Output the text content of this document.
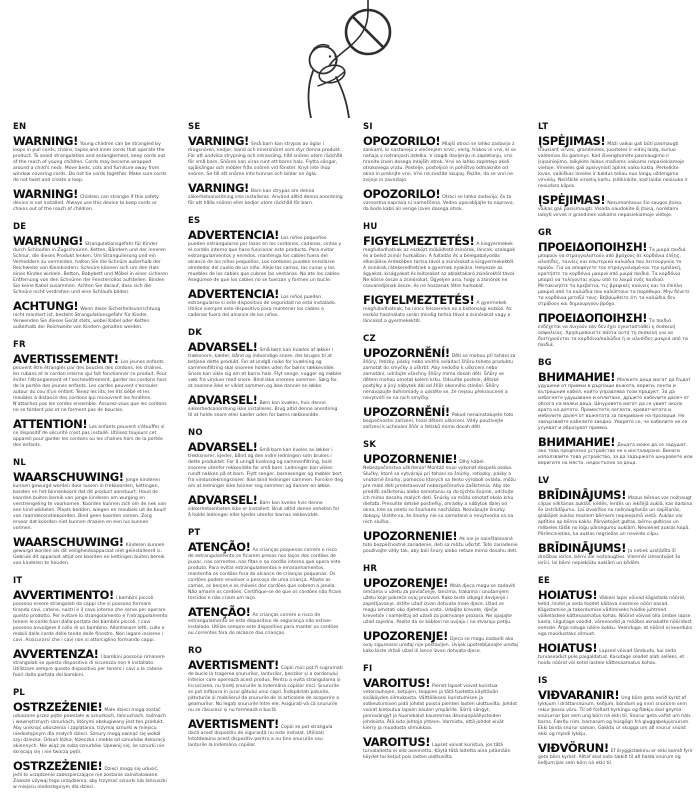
EN

WARNING! Young children can be strangled by loops in pull cords, chains, tapes and inner cords that operate the product. To avoid strangulation and entanglement, keep cords out of the reach of young children. Cords may become wrapped around a child's neck. Move beds, cots and furniture away from window covering cords. Do not tie cords together. Make sure cords do not twist and create a loop.

WARNING! Children can strangle if this safety device is not installed. Always use this device to keep cords or chains out of the reach of children.

DE

WARNUNG! Strangulationsgefahr für Kinder durch Schlaufen in Zugschnüren, Ketten, Bändern und der inneren Schnur, die dieses Produkt lenken. Um Strangulierung und ein Verheddern zu vermeiden, halten Sie die Schnüre außerhalb der Reichweite von Kleinkindern. Schnüre können sich um den Hals eines Kindes wickeln. Betten, Babybett und Möbel in einer sicheren Entfernung von den Schnüren der Fensterrollos aufstellen. Binden Sie keine Kabel zusammen. Achten Sie darauf, dass sich die Schnüre nicht verdrehen und eine Schlaufe bilden.

ACHTUNG! Wenn diese Sicherheitsvorrichtung nicht montiert ist, besteht Strangulationsgefahr für Kinder. Verwenden Sie dieses Gerät stets, wobei Kabel oder Ketten außerhalb der Reichweite von Kindern gehalten werden.

FR

AVERTISSEMENT! Les jeunes enfants peuvent être étranglés par des boucles des cordons, les chaînes, les rubans et le cordon interne qui fait fonctionner ce produit. Pour éviter l'étranglement et l'enchevêtrement, garder les cordons hors de la portée des jeunes enfants. Les cordes peuvent s'enrouler autour du cou d'un enfant. Tenez les lits, les lits bébé et les meubles à distance des cordons qui recouvrent les fenêtres. N'attachez pas les cordes ensemble. Assurez-vous que les cordons ne se tordent pas et ne forment pas de boucles.

ATTENTION! Les enfants peuvent s'étouffer si ce dispositif de sécurité n'est pas installé. Utilisez toujours cet appareil pour garder les cordons ou les chaînes hors de la portée des enfants.

NL

WAARSCHUWING! Jonge kinderen kunnen gewurgd worden door lussen in trekkoorden, kettingen, banden en het binnenkoord dat dit product aanstuurt. Houd de koorden buiten bereik van jonge kinderen om wurging en verstrengeling te voorkomen. Koorden kunnen zich om de nek van een kind wikkelen. Plaats bedden, wiegen en meubels uit de buurt van raamdecoratiekoorden. Bind geen koorden samen. Zorg ervoor dat koorden niet kunnen draaien en een lus kunnen vormen.

WAARSCHUWING! Kinderen kunnen gewurgd worden als dit veiligheidsapparaat niet geïnstalleerd is. Gebruik dit apparaat altijd om koorden en kettingen buiten bereik van kinderen te houden.

IT

AVVERTIMENTO! I bambini piccoli possono essere strangolati da cappi che si possono formare tirando cavi, catene, nastri e il cavo interno che serve per operare questo prodotto. Per evitare lo strangolamento e l'intrappolamento tenere le corde fuori dalla portata dei bambini piccoli. I cavi possono avvolgere il collo di un bambino. Allontanare letti, culle e mobili dalle corde delle tende delle finestre. Non legare insieme i cavi. Assicurarsi che i cavi non si attorciglino formando cappi.

AVVERTENZA! I bambini possono rimanere strangolati se questo dispositivo di sicurezza non è installato. Utilizzare sempre questo dispositivo per tenere i cavi o le catene fuori dalla portata dei bambini.

PL

OSTRZEŻENIE! Małe dzieci mogą zostać uduszone przez pętle powstałe w sznurkach, łańcuchach, taśmach i wewnętrznych sznurkach, którymi obsługiwany jest ten produkt. Aby uniknąć uduszenia i zaplątania, trzymaj sznurki w miejscu niedostępnym dla małych dzieci. Sznury mogą owinąć się wokół szyi dziecka. Odsuń łóżka, łóżeczka i meble od sznurków dekoracji okiennych. Nie wiąż ze sobą sznurków. Upewnij się, że sznurki nie skręcają się i nie tworzą pętli.

OSTRZEŻENIE! Dzieci mogą się udusić, jeśli to urządzenie zabezpieczające nie zostanie zainstalowane. Zawsze używaj tego urządzenia, aby trzymać sznurki lub łańcuszki w miejscu niedostępnym dla dzieci.

SE

VARNING! Små barn kan strypas av öglor i dragsnören, kedjor, band och innersnöret som styr denna produkt. För att undvika strypning och intrassling, håll snören utom räckhåll för små barn. Snören kan viras runt ett barns hals. Flytta sängar, spjälsängar och möbler från snören vid fönster. Knyt inte ihop snören. Se till att snören inte tvinnas och bildar en ögla.

VARNING! Barn kan strypas om denna säkerhetsanordning inte installeras. Använd alltid denna anordning för att hålla snören eller kedjor utom räckhåll för barn.

ES

ADVERTENCIA! Los niños pequeños pueden estrangularse por lazos en los cordones, cadenas, cintas y el cordón interno que hace funcionar este producto. Para evitar estrangulamientos y enredos, mantenga los cables fuera del alcance de los niños pequeños. Los cordones pueden enrollarse alrededor del cuello de un niño. Aleje las camas, las cunas y los muebles de los cables que cubren las ventanas. No ate los cables. Asegúrese de que los cables no se tuerzan y formen un bucle.

ADVERTENCIA! Los niños pueden estrangularse si este dispositivo de seguridad no está instalado. Utilice siempre este dispositivo para mantener los cables o cadenas fuera del alcance de los niños.

DK

ADVARSEL! Små børn kan kvæles af løkker i træksnore, kæder, bånd og indvendige snore, der bruges til at betjene dette produkt. For at undgå risiko for kvælning og sammenfiltring skal snorene holdes uden for børns rækkevidde. Snore kan vikle sig om et barns hals. Flyt senge, vugger og møbler væk fra vinduer med snore. Bind ikke snorene sammen. Sørg for, at snorene ikke er viklet sammen og ikke danner en løkke.

ADVARSEL! Børn kan kvæles, hvis denne sikkerhedsanordning ikke installeres. Brug altid denne anordning til at holde snore eller kæder uden for børns rækkevidde.

NO

ADVARSEL! Små barn kan kveles av løkker i trekksnorer, kjeder, bånd og den indre ledningen som brukes i dette produktet. For å unngå kvelning og sammenfiltring, hold snorene utenfor rekkevidde for små barn. Ledninger kan vikles rundt nakken på et barn. Flytt senger, barnesenger og møbler bort fra vindusdekningsnorer. Ikke bind ledninger sammen. Forsikre deg om at ledninger ikke tvinner seg sammen og danner en løkke.

ADVARSEL! Barn kan kveles hvis denne sikkerhetsenheten ikke er installert. Bruk alltid denne enheten for å holde ledninger eller kjeder utenfor barnas rekkevidde.

PT

ATENÇÃO! As crianças pequenas correm o risco de estrangulamento se ficarem presas nos laços dos cordões de puxar, nas correntes, nas fitas e no cordão interno que opera este produto. Para evitar estrangulamentos e emaranhamentos, mantenha os cordões fora do alcance de crianças pequenas. Os cordões podem envolver o pescoço de uma criança. Afaste as camas, os berços e os móveis dos cordões que cobrem a janela. Não amarre os cordões. Certifique-se de que os cordões não ficam torcidos e não criam um laço.

ATENÇÃO! As crianças correm o risco de estrangulamento se este dispositivo de segurança não estiver instalado. Utilize sempre este dispositivo para manter os cordões ou correntes fora do alcance das crianças.

RO

AVERTISMENT! Copiii mici pot fi sugrumați de bucle la tragerea șnururilor, lanțurilor, benzilor și a cordonului interior care operează acest produs. Pentru a evita strangularea și încurcarea, nu țineți șnururile la îndemâna copiilor mici. Șnururile se pot înfășura în jurul gâtului unui copil. Îndepărtați paturile, pătuțurile și mobilierul de șnururile de la articolele de acoperire a geamurilor. Nu legați șnururile între ele. Asigurați-vă că șnururile nu se răsucesc și nu formează o buclă.

AVERTISMENT! Copiii se pot strangula dacă acest dispozitiv de siguranță nu este instalat. Utilizați întotdeauna acest dispozitiv pentru a nu ține șnururile sau lanțurile la îndemâna copiilor.

SI

OPOZORILO! Mlajši otroci se lahko zadavijo z zankami, ki nastanejo z vlečenjem vrvic, verig, trakov in vrvi, ki se nahaja v notranjosti izdelka. V izogib davljenju in zapletanju, vrvi hranite izven dosega mlajših otrok. Vrvi se lahko zapletejo okoli otrokovega vratu. Postelje, posteljice in pohištvo odmaknite od okna in prekrijte vrvi. Vrvi ne zvežite skupaj. Pazite, da se vrvi ne zvijejo in zavozlajo.

OPOZORILO! Otroci se lahko zadavijo, če ta varnostna naprava ni nameščena. Vedno uporabljajte to napravo, da bodo kabli ali verige izven dosega otrok.

HU

FIGYELMEZTETÉS! A kisgyermekek megfulladhatnak az eszközt működtető zsinórok, láncok, szalagok és a belső zsinór hurkaiban. A fulladás és a belegabalyodás elkerülése érdekében tartsa távol a zsinórokat a kisgyermekektől. A zsinórok rátekeredhetnek a gyermek nyakára. Helyezze az ágyakat, kiságyakat és bútorokat az ablaktakaró zsinóroktól távol. Ne kösse össze a zsinórokat. Ügyeljen arra, hogy a zsinórok ne csavarodjanak össze, és ne hozzanak létre hurkokat.

FIGYELMEZTETÉS! A gyermekek megfulladhatnak, ha nincs felszerelve ez a biztonsági eszköz. Az eszköz használata során mindig tartsa távol a zsinórokat vagy a láncokat a gyermekektől.

CZ

UPOZORNĚNÍ! Děti se mohou při tahání za šňůry, řetízky, pásky nebo vnitřní ovládací šňůru tohoto produktu zamotat do smyčky a uškrtit. Aby nedošlo k uškrcení nebo zamotání, udržujte všechny šňůry mimo dosah dětí. Šňůry se dětem mohou omotat kolem krku. Odsuňte postele, dětské postýlky a jiný nábytek dál od šňůr okenního stínění. Šňůry nenavazujte dohromady a ujistěte se, že nejsou překroucené a nevytvoří se na nich smyčky.

UPOZORNĚNÍ! Pokud nenainstalujete toto bezpečnostní zařízení, hrozí dětem uškrcení. Vždy používejte zařízení k uchování šňůr a řetízků mimo dosah dětí.

SK

UPOZORNENIE! Dlhý kábel. Nebezpečenstvo uškrtenia! Montáž musí vykonať dospelá osoba. Slučky, ktoré sa vytvárajú pri ťahaní za šnúrky, retiazky, pásky a vnútorné šnúrky, pomocou ktorých sa tento výrobok ovláda, môžu pre malé deti predstavovať nebezpečenstvo zaškrtenia. Aby ste predišli zaškrteniu alebo zamotaniu sa do týchto šnúrok, udržujte ich mimo dosahu malých detí. Šnúrky sa môžu omotať okolo krku dieťaťa. Presuňte detské postieľky, ohrádky a nábytok ďalej od okna, kde sa roleta so šnúrkami nachádza. Nezväzujte šnúrky dokopy. Uistite sa, že šnúrky nie sú zamotané a nevytvorila sa na nich slučka.

UPOZORNENIE! Ak nie je nainštalované toto bezpečnostné zariadenie, deti sa môžu uškrtiť. Toto zariadenie používajte vždy tak, aby boli šnúry alebo reťaze mimo dosahu detí.

HR

UPOZORENJE! Mala djeca mogu se zadaviti omčama u užetu za povlačenje, lancima, trakama i unutarnjem užetu koje pokreće ovaj proizvod. Kako biste izbjegli davljenje i zapetljavanje, držite užad izvan dohvata male djece. Užad se mogu omotati oko djetetova vrata. Udaljite krevete, dječje krevetiće i namještaj od užadi za pokrivanje prozora. Ne spajajte užad zajedno. Pazite da se kablovi ne uvijaju i ne stvaraju petlju.

UPOZORENJE! Djeca se mogu zadaviti ako ovaj sigurnosni uređaj nije postavljen. Uvijek upotrebljavajte uređaj kako biste držali užad ili lance izvan dohvata djece.

FI

VAROITUS! Pienet lapset voivat kuristua vetonauhojen, ketjujen, teippien ja tätä tuotetta käyttävän sisäköyden silmukoista. Välttääksesi kuristumisen ja sotkeutumisen pidä johdot poissa pienten lasten ulottuvilta. Johdot voivat kietoutua lapsen kaulan ympärille. Siirrä sängyt, pinnasängyt ja huonekalut kauemmas ikkunanpäällysteiden johdoista. Älä sido johtoja yhteen. Varmista, että johdot eivät kierry ja muodosta silmukkaa.

VAROITUS! Lapset voivat kuristua, jos tätä turvalaitetta ei olla asennettu. Käytä tätä laitetta aina pitämään köydet tai ketjut pois lasten ulottuvilta.

LT

ĮSPĖJIMAS! Maži vaikai gali būti pasmaugti traukiant virves, grandinėles, juosteles ir vidinį laidą, kuriuo valdomas šis gaminys. Kad išvengtumėte pasmaugimo ir įsipainiojimo, laikykite laidus mažiems vaikams nepasiekiamoje vietoje. Virvelės gali apsivynioti aplink vaiko kaklą. Perkelkite lovas, vaikiškas loveles ir baldus toliau nuo langų uždengimo virvelių. Neriškite virvelių kartu. Įsitikinkite, kad laidai nesisuka ir nesudaro kilpos.

ĮSPĖJIMAS! Nesumontavus šio saugos įtaiso, vaikas gali pasismaugti. Visada naudokite šį įtaisą, norėdami laikyti virves ir grandines vaikams nepasiekiamoje vietoje.

GR

ΠΡΟΕΙΔΟΠΟΙΗΣΗ! Τα μικρά παιδιά μπορούν να στραγγαλιστούν από βρόχους σε κορδόνια έλξης, αλυσίδες, ταινίες και εσωτερικά καλώδια που λειτουργούν το προϊόν. Για να αποφύγετε τον στραγγαλισμό και την εμπλοκή, κρατήστε τα κορδόνια μακριά από μικρά παιδιά. Τα κορδόνια μπορεί να τυλίγονται γύρω από το λαιμό ενός παιδιού. Μετακινήστε τα κρεβάτια, τις βρεφικές κούνιες και τα έπιπλα μακριά από τα καλώδια που καλύπτουν τα παράθυρα. Μην δένετε τα κορδόνια μεταξύ τους. Βεβαιωθείτε ότι τα καλώδια δεν στρίβουν και δημιουργούν βρόχο.

ΠΡΟΕΙΔΟΠΟΙΗΣΗ! Τα παιδιά ενδέχεται να πνιγούν εάν δεν έχει εγκατασταθεί η συσκευή ασφαλείας. Χρησιμοποιείτε πάντα αυτή τη συσκευή για να διατηρούνται τα κορδόνια/καλώδια ή οι αλυσίδες μακριά από τα παιδιά.

BG

ВНИМАНИЕ! Малките деца могат да бъдат удушени от примки в дърпащи въжета, вериги, ленти и вътрешния кабел, който управлява този продукт. За да избегнете удушаване и оплитане, дръжте кабелите далеч от обсега на малки деца. Шнуровете могат да се увият около врата на детето. Преместете леглата, креватчетата и мебелите далеч от въжетата за покриване на прозорци. Не завързвайте кабелите заедно. Уверете се, че кабелите не се усукват и образуват примка.

ВНИМАНИЕ! Децата може да се задушат, ако това предпазно устройство не е инсталирано. Винаги използвайте това устройство, за да задържате шнуровете или веригите на място, недостъпно за деца.

LV

BRĪDINĀJUMS! Mazus bērnus var nožņaugt cilpas vilkšanas auklās, ķēdēs, lentēs un iekšējā auklā, kas darbina šo izstrādājumu. Lai izvairītos no nožņaugšanās un sapīšanās, glabājiet auklas maziem bērniem nepieejamā vietā. Auklas var aptīties ap bērna kaklu. Pārvietojiet gultas, bērnu gultiņas un mēbeles tālāk no logu pārsegumu auklām. Nesieniet auklas kopā. Pārliecinieties, ka auklas negriežas un neveido cilpu.

BRĪDINĀJUMS! Ja netiek uzstādīta šī drošības ierīce, bērni var nožņaugties. Vienmēr izmantojiet šo ierīci, lai bērni nepiekļūtu auklām un ķēdēm.

EE

HOIATUS! Väikesi lapsi võivad kägistada nöörid, ketid, lindid ja seda toodet käitava sisemise nööri aasad. Kägistamise ja takerdumise vältimiseks hoidke juhtmed väikelastele kättesaamatus kohas. Nöörid võivad olla ümber lapse kaela. Liigutage voodid, võrevoodid ja mööbel aknakatte nööridest eemale. Ärge siduge nööre kokku. Veenduge, et nöörid ei keerduks ega moodustaks silmust.

HOIATUS! Lapsed võivad lämbuda, kui seda turvaseadist pole paigaldatud. Kasutage seadet alati selleks, et hoida nöörid või ketid lastele kättesaamatus kohas.

IS

VIÐVARANIR! Ung börn geta verið kyrkt af lykkjum í dráttarsnúrum, keðjum, böndum og innri snúrunni sem rekur þessa vöru. Til að forðast kyrkingu og flækju skal geyma snúrurnar þar sem ung börn ná ekki til. Snúrur geta vafist um háls barns. Færðu rúm, barnarúm og húsgögn frá gluggaþekjusnúrum. Ekki binda snúrur saman. Gakktu úr skugga um að snúrur snúist ekki og myndi lykkju.

VIÐVÖRUN! Ef öryggistækinu er ekki komið fyrir geta börn kyrkst. Alltaf skal nota tækið til að halda snúrum og keðjum þar sem börn ná ekki til.
